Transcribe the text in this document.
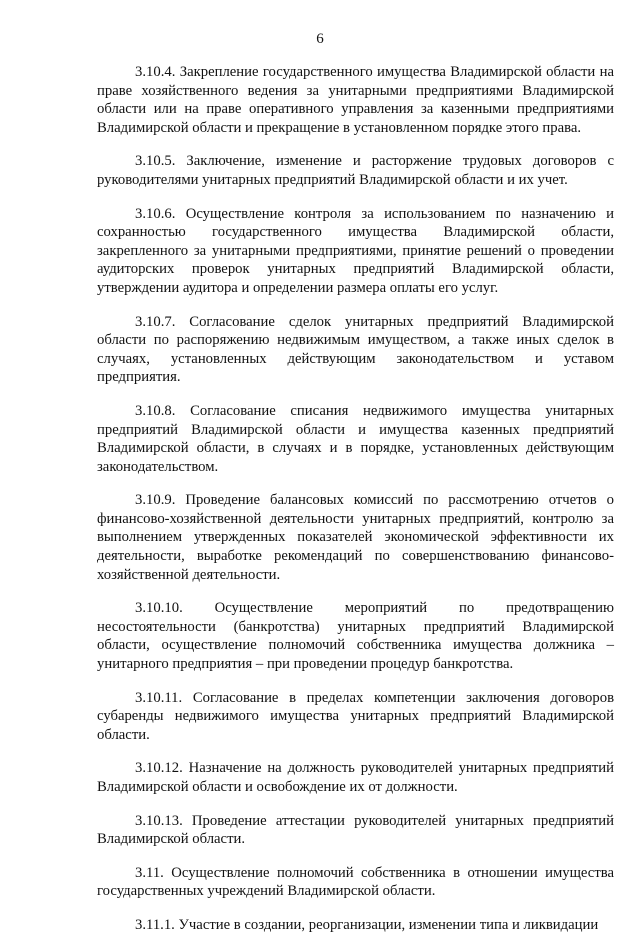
6

3.10.4. Закрепление государственного имущества Владимирской области на праве хозяйственного ведения за унитарными предприятиями Владимирской области или на праве оперативного управления за казенными предприятиями Владимирской области и прекращение в установленном порядке этого права.

3.10.5. Заключение, изменение и расторжение трудовых договоров с руководителями унитарных предприятий Владимирской области и их учет.

3.10.6. Осуществление контроля за использованием по назначению и сохранностью государственного имущества Владимирской области, закрепленного за унитарными предприятиями, принятие решений о проведении аудиторских проверок унитарных предприятий Владимирской области, утверждении аудитора и определении размера оплаты его услуг.

3.10.7. Согласование сделок унитарных предприятий Владимирской области по распоряжению недвижимым имуществом, а также иных сделок в случаях, установленных действующим законодательством и уставом предприятия.

3.10.8. Согласование списания недвижимого имущества унитарных предприятий Владимирской области и имущества казенных предприятий Владимирской области, в случаях и в порядке, установленных действующим законодательством.

3.10.9. Проведение балансовых комиссий по рассмотрению отчетов о финансово-хозяйственной деятельности унитарных предприятий, контролю за выполнением утвержденных показателей экономической эффективности их деятельности, выработке рекомендаций по совершенствованию финансово-хозяйственной деятельности.

3.10.10. Осуществление мероприятий по предотвращению несостоятельности (банкротства) унитарных предприятий Владимирской области, осуществление полномочий собственника имущества должника – унитарного предприятия – при проведении процедур банкротства.

3.10.11. Согласование в пределах компетенции заключения договоров субаренды недвижимого имущества унитарных предприятий Владимирской области.

3.10.12. Назначение на должность руководителей унитарных предприятий Владимирской области и освобождение их от должности.

3.10.13. Проведение аттестации руководителей унитарных предприятий Владимирской области.

3.11. Осуществление полномочий собственника в отношении имущества государственных учреждений Владимирской области.

3.11.1. Участие в создании, реорганизации, изменении типа и ликвидации
